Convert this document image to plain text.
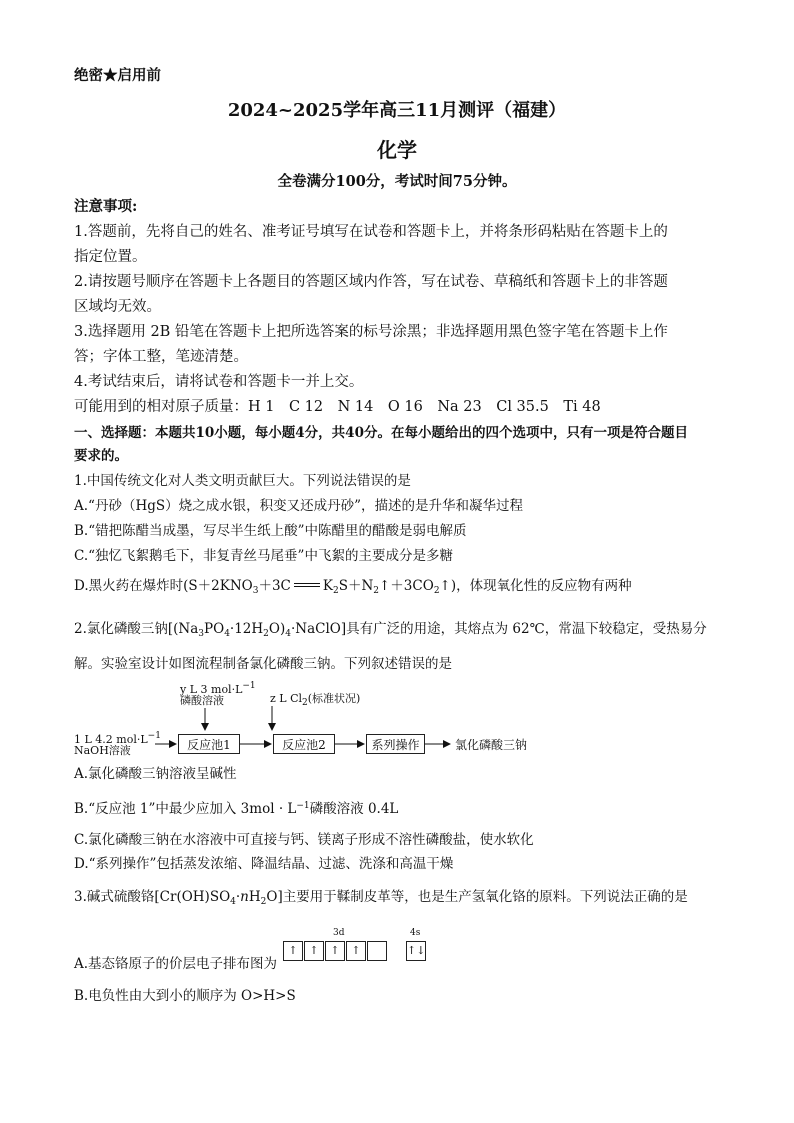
绝密★启用前
2024~2025学年高三11月测评（福建）
化学
全卷满分100分，考试时间75分钟。
注意事项:
1.答题前，先将自己的姓名、准考证号填写在试卷和答题卡上，并将条形码粘贴在答题卡上的
指定位置。
2.请按题号顺序在答题卡上各题目的答题区域内作答，写在试卷、草稿纸和答题卡上的非答题
区域均无效。
3.选择题用 2B 铅笔在答题卡上把所选答案的标号涂黑；非选择题用黑色签字笔在答题卡上作
答；字体工整，笔迹清楚。
4.考试结束后，请将试卷和答题卡一并上交。
可能用到的相对原子质量：H 1　C 12　N 14　O 16　Na 23　Cl 35.5　Ti 48
一、选择题：本题共10小题，每小题4分，共40分。在每小题给出的四个选项中，只有一项是符合题目
要求的。
1.中国传统文化对人类文明贡献巨大。下列说法错误的是
A.“丹砂（HgS）烧之成水银，积变又还成丹砂”，描述的是升华和凝华过程
B.“错把陈醋当成墨，写尽半生纸上酸”中陈醋里的醋酸是弱电解质
C.“独忆飞絮鹅毛下，非复青丝马尾垂”中飞絮的主要成分是多糖
D.黑火药在爆炸时($S+2KNO_3+3C$ $K_2S+N_2↑+3CO_2↑$)，体现氧化性的反应物有两种
2.氯化磷酸三钠$[(Na_3PO_4\cdot 12H_2O)_4\cdot NaClO]$具有广泛的用途，其熔点为 62℃，常温下较稳定，受热易分
解。实验室设计如图流程制备氯化磷酸三钠。下列叙述错误的是
y L 3 $mol\cdot L^{-1}$
磷酸溶液	z L $Cl_2$(标准状况)
1 L 4.2 $mol\cdot L^{-1}$
NaOH溶液	反应池1	反应池2	系列操作	氯化磷酸三钠
A.氯化磷酸三钠溶液呈碱性
B.“反应池 1”中最少应加入 $3mol \cdot L^{-1}$磷酸溶液 0.4L
C.氯化磷酸三钠在水溶液中可直接与钙、镁离子形成不溶性磷酸盐，使水软化
D.“系列操作”包括蒸发浓缩、降温结晶、过滤、洗涤和高温干燥
3.碱式硫酸铬$[Cr(OH)SO_4\cdot nH_2O]$主要用于鞣制皮革等，也是生产氢氧化铬的原料。下列说法正确的是
A.基态铬原子的价层电子排布图为
3d	4s
↑	↑	↑	↑	↑↓
B.电负性由大到小的顺序为 O>H>S
